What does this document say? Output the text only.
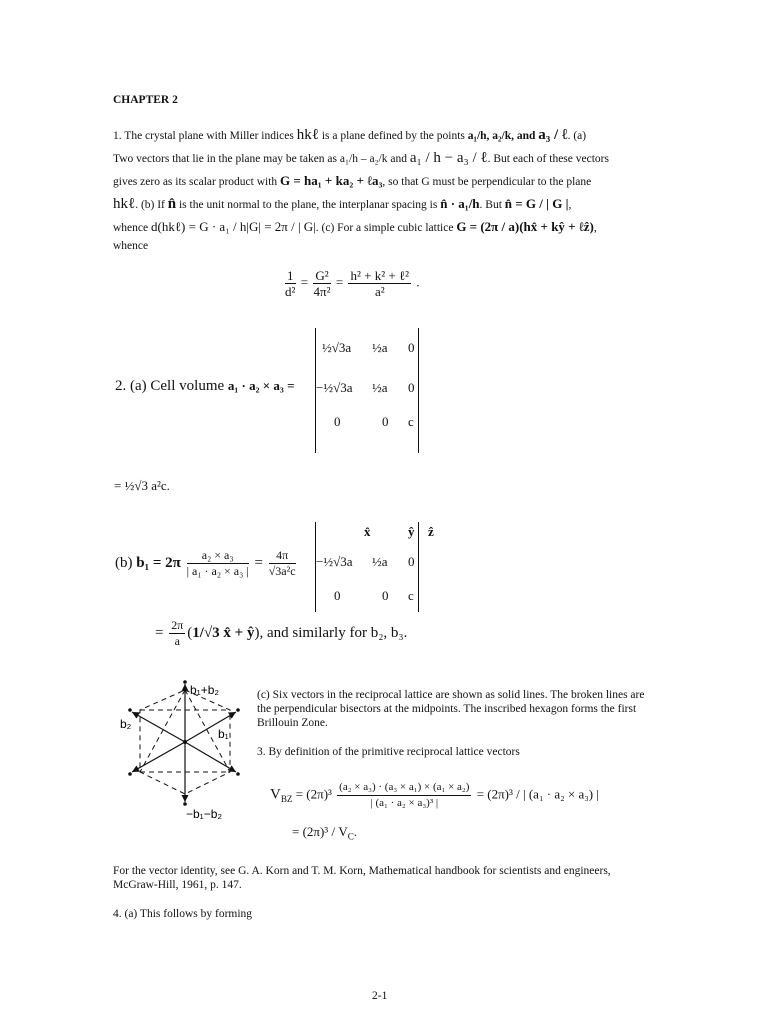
CHAPTER 2
1. The crystal plane with Miller indices hkℓ is a plane defined by the points a₁/h, a₂/k, and a₃ / ℓ. (a)
Two vectors that lie in the plane may be taken as a₁/h – a₂/k and a₁ / h − a₃ / ℓ. But each of these vectors
gives zero as its scalar product with G = ha₁ + ka₂ + ℓa₃, so that G must be perpendicular to the plane
hkℓ. (b) If n̂ is the unit normal to the plane, the interplanar spacing is n̂ · a₁/h. But n̂ = G / | G |,
whence d(hkℓ) = G · a₁ / h|G| = 2π / | G|. (c) For a simple cubic lattice G = (2π / a)(hx̂ + kŷ + ℓẑ),
whence
$\frac{1}{\text{d²}} = \frac{\text{G²}}{\text{4π²}} = \frac{\text{h² + k² + ℓ²}}{\text{a²}}$ .
2. (a) Cell volume a₁ · a₂ × a₃ =
½√3a ½a 0
−½√3a ½a 0
0	0 c
= ½√3 a²c.
(b) $b_1 = 2\pi \frac{\text{a₂ × a₃}}{\text{| a₁ · a₂ × a₃ |}} = \frac{4\pi}{\text{√3a²c}}$
x̂	ŷ ẑ
−½√3a ½a 0
0	0 c
= $\frac{2\pi}{a} (1/√3$ x̂ + ŷ), and similarly for b₂, b₃.
b₁+b₂
b₂
b₁
−b₁−b₂
(c) Six vectors in the reciprocal lattice are shown as solid lines. The broken lines are the perpendicular bisectors at the midpoints. The inscribed hexagon forms the first Brillouin Zone.
3. By definition of the primitive reciprocal lattice vectors
$V_{BZ} = (2\pi)^3 \frac{\text{(a₂ × a₃) · (a₃ × a₁) × (a₁ × a₂)}}{\text{| (a₁ · a₂ × a₃)³ |}} = (2\pi)^3$ / | (a₁ · a₂ × a₃) |
= $(2\pi)^3 / V_C$.
For the vector identity, see G. A. Korn and T. M. Korn, Mathematical handbook for scientists and engineers, McGraw-Hill, 1961, p. 147.
4. (a) This follows by forming
2-1
